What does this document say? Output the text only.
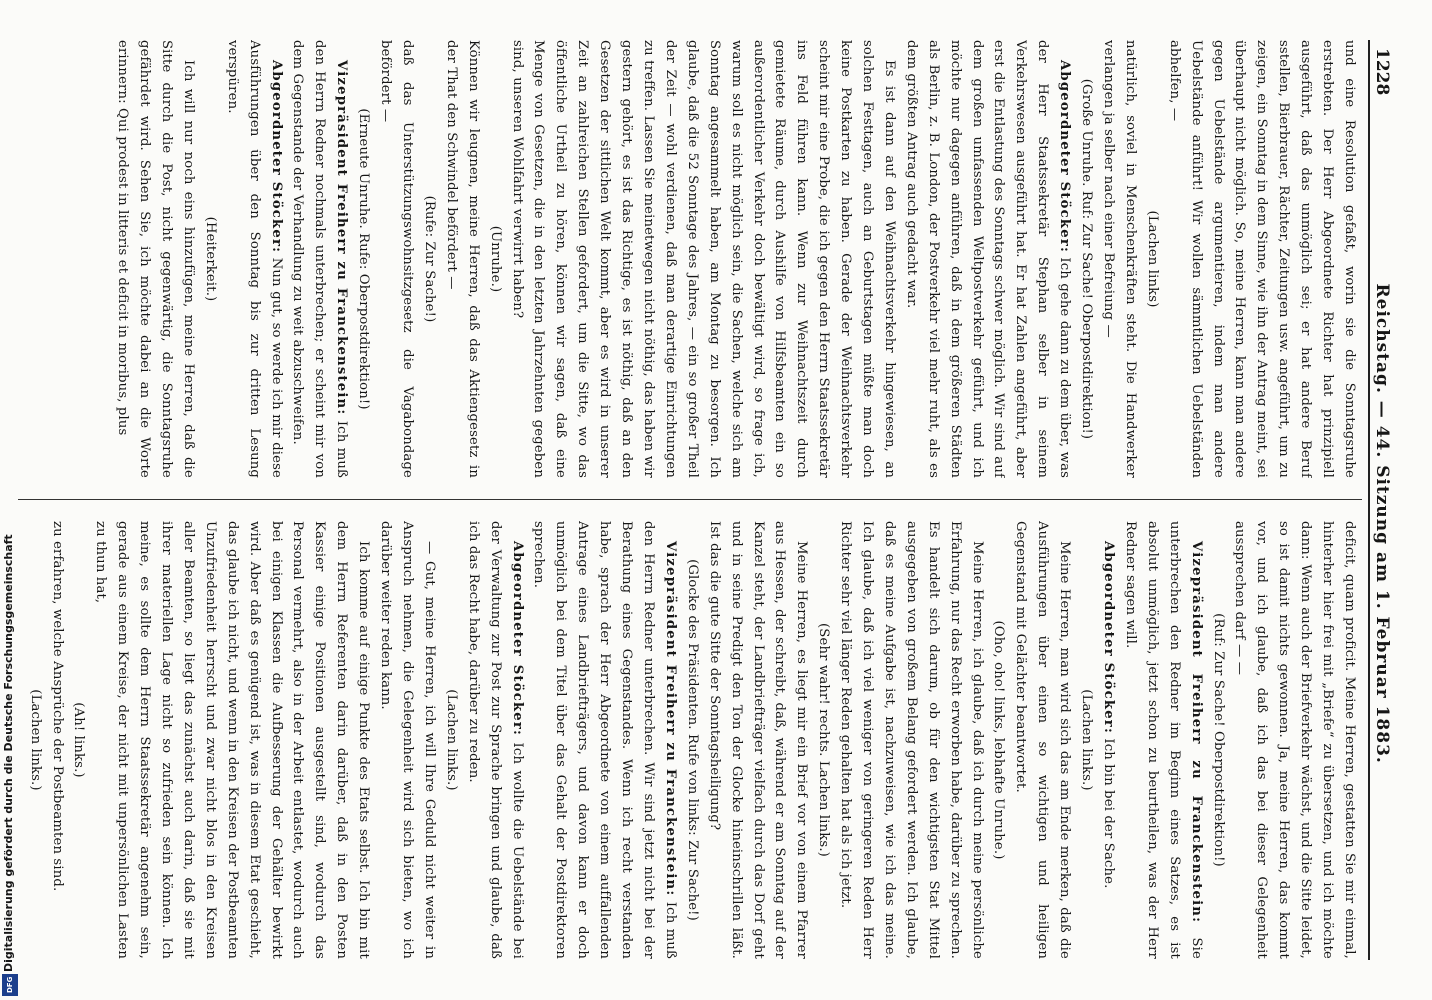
1228
Reichstag. — 44. Sitzung am 1. Februar 1883.

und eine Resolution gefaßt, worin sie die Sonntagsruhe erstrebten. Der Herr Abgeordnete Richter hat prinzipiell ausgeführt, daß das unmöglich sei; er hat andere Beruf sstellen, Bierbrauer, Rächter, Zeitungen usw. angeführt, um zu zeigen, ein Sonntag in dem Sinne, wie ihn der Antrag meint, sei überhaupt nicht möglich. So, meine Herren, kann man andere gegen Uebelstände argumentieren, indem man andere Uebelstände anführt! Wir wollen sämmtlichen Uebelständen abhelfen, —

(Lachen links)

natürlich, soviel in Menschenkräften steht. Die Handwerker verlangen ja selber nach einer Befreiung —

(Große Unruhe. Ruf: Zur Sache! Oberpostdirektion!)

Abgeordneter Stöcker: Ich gehe dann zu dem über, was der Herr Staatssekretär Stephan selber in seinem Verkehrswesen ausgeführt hat. Er hat Zahlen angeführt, aber erst die Entlastung des Sonntags schwer möglich. Wir sind auf dem großen umfassenden Weltpostverkehr geführt, und ich möchte nur dagegen anführen, daß in dem größeren Städten als Berlin, z. B. London, der Postverkehr viel mehr ruht, als es dem größten Antrag auch gedacht war.

Es ist dann auf den Weihnachtsverkehr hingewiesen, an solchen Festtagen, auch an Geburtstagen müßte man doch keine Postkarten zu haben. Gerade der Weihnachtsverkehr scheint mir eine Probe, die ich gegen den Herrn Staatssekretär ins Feld führen kann. Wenn zur Weihnachtszeit durch gemietete Räume, durch Aushilfe von Hilfsbeamten ein so außerordentlicher Verkehr doch bewältigt wird, so frage ich, warum soll es nicht möglich sein, die Sachen, welche sich am Sonntag angesammelt haben, am Montag zu besorgen. Ich glaube, daß die 52 Sonntage des Jahres, — ein so großer Theil der Zeit — wohl verdienen, daß man derartige Einrichtungen zu treffen. Lassen Sie meinetwegen nicht nöthig, das haben wir gestern gehört, es ist das Richtige, es ist nöthig, daß an den Gesetzen der sittlichen Welt kommt, aber es wird in unserer Zeit an zahlreichen Stellen gefordert, um die Sitte, wo das öffentliche Urtheil zu hören, können wir sagen, daß eine Menge von Gesetzen, die in den letzten Jahrzehnten gegeben sind, unseren Wohlfahrt verwirrt haben?

(Unruhe.)

Können wir leugnen, meine Herren, daß das Aktiengesetz in der That den Schwindel befördert —

(Rufe: Zur Sache!)

daß das Unterstützungswohnsitzgesetz die Vagabondage befördert —

(Erneute Unruhe. Rufe: Oberpostdirektion!)

Vizepräsident Freiherr zu Franckenstein: Ich muß den Herrn Redner nochmals unterbrechen; er scheint mir von dem Gegenstande der Verhandlung zu weit abzuschweifen.

Abgeordneter Stöcker: Nun gut, so werde ich mir diese Ausführungen über den Sonntag bis zur dritten Lesung verspüren.

(Heiterkeit.)

Ich will nur noch eins hinzufügen, meine Herren, daß die Sitte durch die Post, nicht gegenwärtig, die Sonntagsruhe gefährdet wird. Sehen Sie, ich möchte dabei an die Worte erinnern: Qui prodest in litteris et deficit in moribus, plus

deficit, quam proficit. Meine Herren, gestatten Sie mir einmal, hinterher hier frei mit „Briefe“ zu übersetzen, und ich möchte dann: Wenn auch der Briefverkehr wächst, und die Sitte leidet, so ist damit nichts gewonnen. Ja, meine Herren, das kommt vor, und ich glaube, daß ich das bei dieser Gelegenheit aussprechen darf — —

(Ruf: Zur Sache! Oberpostdirektion!)

Vizepräsident Freiherr zu Franckenstein: Sie unterbrechen den Redner im Beginn eines Satzes, es ist absolut unmöglich, jetzt schon zu beurtheilen, was der Herr Redner sagen will.

Abgeordneter Stöcker: Ich bin bei der Sache.

(Lachen links.)

Meine Herren, man wird sich das am Ende merken, daß die Ausführungen über einen so wichtigen und heiligen Gegenstand mit Gelächter beantwortet.

(Oho, oho! links, lebhafte Unruhe.)

Meine Herren, ich glaube, daß ich durch meine persönliche Erfahrung, nur das Recht erworben habe, darüber zu sprechen. Es handelt sich darum, ob für den wichtigsten Stat Mittel ausgegeben von großem Belang gefordert werden. Ich glaube, daß es meine Aufgabe ist, nachzuweisen, wie ich das meine. Ich glaube, daß ich viel weniger von geringeren Reden Herr Richter sehr viel länger Reden gehalten hat als ich jetzt.

(Sehr wahr! rechts. Lachen links.)

Meine Herren, es liegt mir ein Brief vor von einem Pfarrer aus Hessen, der schreibt, daß, während er am Sonntag auf der Kanzel steht, der Landbriefträger vielfach durch das Dorf geht und in seine Predigt den Ton der Glocke hineinschrillen läßt. Ist das die gute Sitte der Sonntagsheiligung?

(Glocke des Präsidenten. Rufe von links: Zur Sache!)

Vizepräsident Freiherr zu Franckenstein: Ich muß den Herrn Redner unterbrechen. Wir sind jetzt nicht bei der Berathung eines Gegenstandes. Wenn ich recht verstanden habe, sprach der Herr Abgeordnete von einem auffallenden Antrage eines Landbriefträgers, und davon kann er doch unmöglich bei dem Titel über das Gehalt der Postdirektoren sprechen.

Abgeordneter Stöcker: Ich wollte die Uebelstände bei der Verwaltung zur Post zur Sprache bringen und glaube, daß ich das Recht habe, darüber zu reden.

(Lachen links.)

— Gut, meine Herren, ich will Ihre Geduld nicht weiter in Anspruch nehmen, die Gelegenheit wird sich bieten, wo ich darüber weiter reden kann.

Ich komme auf einige Punkte des Etats selbst. Ich bin mit dem Herrn Referenten darin darüber, daß in den Posten Kassier einige Positionen ausgestellt sind, wodurch das Personal vermehrt, also in der Arbeit entlastet, wodurch auch bei einigen Klassen die Aufbesserung der Gehälter bewirkt wird. Aber daß es genügend ist, was in diesem Etat geschieht, das glaube ich nicht, und wenn in den Kreisen der Postbeamten Unzufriedenheit herrscht und zwar nicht blos in den Kreisen aller Beamten, so liegt das zunächst auch darin, daß sie mit ihrer materiellen Lage nicht so zufrieden sein können. Ich meine, es sollte dem Herrn Staatssekretär angenehm sein, gerade aus einem Kreise, der nicht mit unpersönlichen Lasten zu thun hat,

(Ah! links.)

zu erfahren, welche Ansprüche der Postbeamten sind.

(Lachen links.)

Digitalisierung gefördert durch die Deutsche Forschungsgemeinschaft
DFG
